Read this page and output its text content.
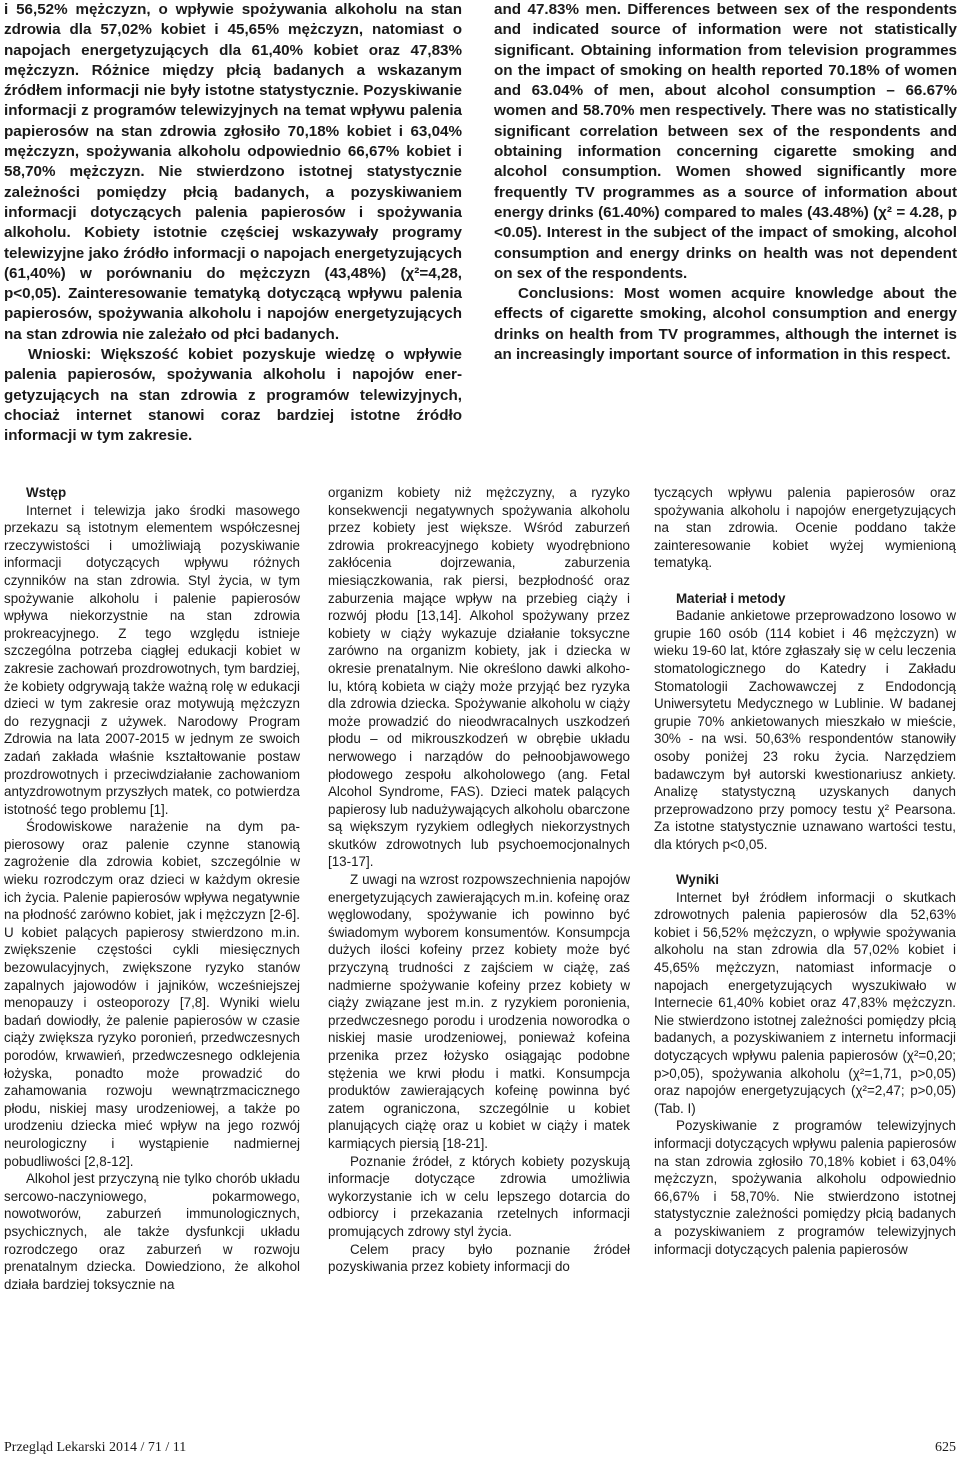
i 56,52% mężczyzn, o wpływie spożywania alkoholu na stan zdrowia dla 57,02% kobiet i 45,65% mężczyzn, natomiast o napojach energetyzujących dla 61,40% kobiet oraz 47,83% mężczyzn. Różnice między płcią badanych a wskazanym źródłem informacji nie były istotne statystycznie. Pozyskiwanie informacji z programów telewizyjnych na temat wpływu palenia papierosów na stan zdrowia zgłosiło 70,18% kobiet i 63,04% mężczyzn, spożywania alkoholu odpowiednio 66,67% kobiet i 58,70% mężczyzn. Nie stwierdzono istotnej statystycznie zależności pomiędzy płcią badanych, a pozyskiwaniem informacji dotyczących palenia papierosów i spożywania alkoholu. Kobiety istotnie częściej wskazywały programy telewizyjne jako źródło informacji o napojach energetyzujących (61,40%) w porównaniu do mężczyzn (43,48%) (χ²=4,28, p<0,05). Zainteresowanie tematyką dotyczącą wpływu palenia papierosów, spożywania alkoholu i napojów energetyzujących na stan zdrowia nie zależało od płci badanych.

Wnioski: Większość kobiet pozyskuje wiedzę o wpływie palenia papierosów, spożywania alkoholu i napojów energetyzujących na stan zdrowia z programów telewizyjnych, chociaż internet stanowi coraz bardziej istotne źródło informacji w tym zakresie.

and 47.83% men. Differences between sex of the respondents and indicated source of information were not statistically significant. Obtaining information from television programmes on the impact of smoking on health reported 70.18% of women and 63.04% of men, about alcohol consumption – 66.67% women and 58.70% men respectively. There was no statistically significant correlation between sex of the respondents and obtaining information concerning cigarette smoking and alcohol consumption. Women showed significantly more frequently TV programmes as a source of information about energy drinks (61.40%) compared to males (43.48%) (χ² = 4.28, p <0.05). Interest in the subject of the impact of smoking, alcohol consumption and energy drinks on health was not dependent on sex of the respondents.

Conclusions: Most women acquire knowledge about the effects of cigarette smoking, alcohol consumption and energy drinks on health from TV programmes, although the internet is an increasingly important source of information in this respect.

Wstęp

Internet i telewizja jako środki masowego przekazu są istotnym elementem współczesnej rzeczywistości i umożliwiają pozyskiwanie informacji dotyczących wpływu różnych czynników na stan zdrowia. Styl życia, w tym spożywanie alkoholu i palenie papierosów wpływa niekorzystnie na stan zdrowia prokreacyjnego. Z tego względu istnieje szczególna potrzeba ciągłej edukacji kobiet w zakresie zachowań prozdrowotnych, tym bardziej, że kobiety odgrywają także ważną rolę w edukacji dzieci w tym zakresie oraz motywują mężczyzn do rezygnacji z używek. Narodowy Program Zdrowia na lata 2007-2015 w jednym ze swoich zadań zakłada właśnie kształtowanie postaw prozdrowotnych i przeciwdziałanie zachowaniom antyzdrowotnym przyszłych matek, co potwierdza istotność tego problemu [1].

Środowiskowe narażenie na dym papierosowy oraz palenie czynne stanowią zagrożenie dla zdrowia kobiet, szczególnie w wieku rozrodczym oraz dzieci w każdym okresie ich życia. Palenie papierosów wpływa negatywnie na płodność zarówno kobiet, jak i mężczyzn [2-6]. U kobiet palących papierosy stwierdzono m.in. zwiększenie częstości cykli miesięcznych bezowulacyjnych, zwiększone ryzyko stanów zapalnych jajowodów i jajników, wcześniejszej menopauzy i osteoporozy [7,8]. Wyniki wielu badań dowiodły, że palenie papierosów w czasie ciąży zwiększa ryzyko poronień, przedwczesnych porodów, krwawień, przedwczesnego odklejenia łożyska, ponadto może prowadzić do zahamowania rozwoju wewnątrzmacicznego płodu, niskiej masy urodzeniowej, a także po urodzeniu dziecka mieć wpływ na jego rozwój neurologiczny i wystąpienie nadmiernej pobudliwości [2,8-12].

Alkohol jest przyczyną nie tylko chorób układu sercowo-naczyniowego, pokarmowego, nowotworów, zaburzeń immunologicznych, psychicznych, ale także dysfunkcji układu rozrodczego oraz zaburzeń w rozwoju prenatalnym dziecka. Dowiedziono, że alkohol działa bardziej toksycznie na

organizm kobiety niż mężczyzny, a ryzyko konsekwencji negatywnych spożywania alkoholu przez kobiety jest większe. Wśród zaburzeń zdrowia prokreacyjnego kobiety wyodrębniono zakłócenia dojrzewania, zaburzenia miesiączkowania, rak piersi, bezpłodność oraz zaburzenia mające wpływ na przebieg ciąży i rozwój płodu [13,14]. Alkohol spożywany przez kobiety w ciąży wykazuje działanie toksyczne zarówno na organizm kobiety, jak i dziecka w okresie prenatalnym. Nie określono dawki alkoholu, którą kobieta w ciąży może przyjąć bez ryzyka dla zdrowia dziecka. Spożywanie alkoholu w ciąży może prowadzić do nieodwracalnych uszkodzeń płodu – od mikrouszkodzeń w obrębie układu nerwowego i narządów do pełnoobjawowego płodowego zespołu alkoholowego (ang. Fetal Alcohol Syndrome, FAS). Dzieci matek palących papierosy lub nadużywających alkoholu obarczone są większym ryzykiem odległych niekorzystnych skutków zdrowotnych lub psychoemocjonalnych [13-17].

Z uwagi na wzrost rozpowszechnienia napojów energetyzujących zawierających m.in. kofeinę oraz węglowodany, spożywanie ich powinno być świadomym wyborem konsumentów. Konsumpcja dużych ilości kofeiny przez kobiety może być przyczyną trudności z zajściem w ciążę, zaś nadmierne spożywanie kofeiny przez kobiety w ciąży związane jest m.in. z ryzykiem poronienia, przedwczesnego porodu i urodzenia noworodka o niskiej masie urodzeniowej, ponieważ kofeina przenika przez łożysko osiągając podobne stężenia we krwi płodu i matki. Konsumpcja produktów zawierających kofeinę powinna być zatem ograniczona, szczególnie u kobiet planujących ciążę oraz u kobiet w ciąży i matek karmiących piersią [18-21].

Poznanie źródeł, z których kobiety pozyskują informacje dotyczące zdrowia umożliwia wykorzystanie ich w celu lepszego dotarcia do odbiorcy i przekazania rzetelnych informacji promujących zdrowy styl życia.

Celem pracy było poznanie źródeł pozyskiwania przez kobiety informacji do

tyczących wpływu palenia papierosów oraz spożywania alkoholu i napojów energetyzujących na stan zdrowia. Ocenie poddano także zainteresowanie kobiet wyżej wymienioną tematyką.

Materiał i metody

Badanie ankietowe przeprowadzono losowo w grupie 160 osób (114 kobiet i 46 mężczyzn) w wieku 19-60 lat, które zgłaszały się w celu leczenia stomatologicznego do Katedry i Zakładu Stomatologii Zachowawczej z Endodoncją Uniwersytetu Medycznego w Lublinie. W badanej grupie 70% ankietowanych mieszkało w mieście, 30% - na wsi. 50,63% respondentów stanowiły osoby poniżej 23 roku życia. Narzędziem badawczym był autorski kwestionariusz ankiety. Analizę statystyczną uzyskanych danych przeprowadzono przy pomocy testu χ² Pearsona. Za istotne statystycznie uznawano wartości testu, dla których p<0,05.

Wyniki

Internet był źródłem informacji o skutkach zdrowotnych palenia papierosów dla 52,63% kobiet i 56,52% mężczyzn, o wpływie spożywania alkoholu na stan zdrowia dla 57,02% kobiet i 45,65% mężczyzn, natomiast informacje o napojach energetyzujących wyszukiwało w Internecie 61,40% kobiet oraz 47,83% mężczyzn. Nie stwierdzono istotnej zależności pomiędzy płcią badanych, a pozyskiwaniem z internetu informacji dotyczących wpływu palenia papierosów (χ²=0,20; p>0,05), spożywania alkoholu (χ²=1,71, p>0,05) oraz napojów energetyzujących (χ²=2,47; p>0,05) (Tab. I)

Pozyskiwanie z programów telewizyjnych informacji dotyczących wpływu palenia papierosów na stan zdrowia zgłosiło 70,18% kobiet i 63,04% mężczyzn, spożywania alkoholu odpowiednio 66,67% i 58,70%. Nie stwierdzono istotnej statystycznie zależności pomiędzy płcią badanych a pozyskiwaniem z programów telewizyjnych informacji dotyczących palenia papierosów

Przegląd Lekarski 2014 / 71 / 11	625
